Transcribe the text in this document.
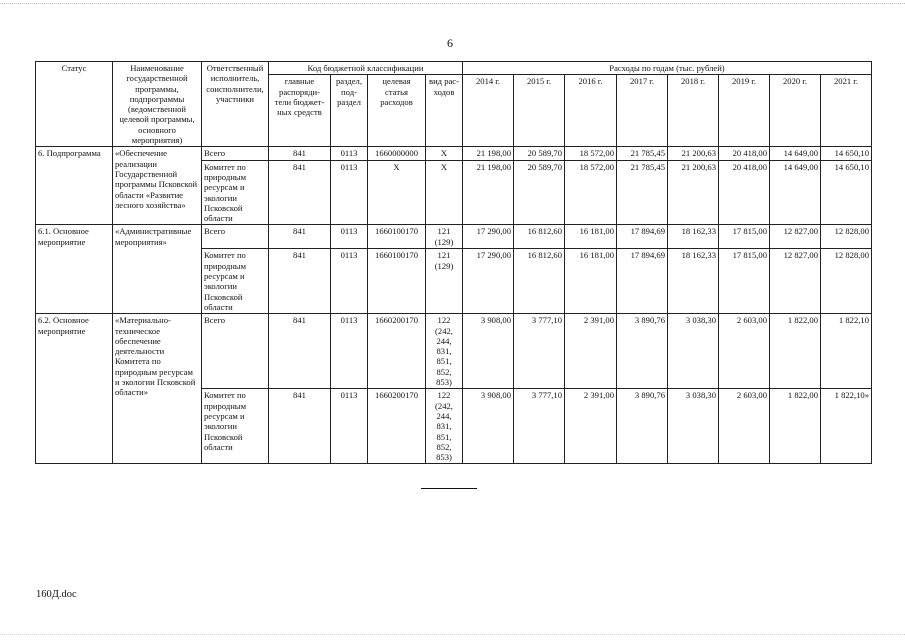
6
Статус	Наименование государственной программы, подпрограммы (ведомственной целевой программы, основного мероприятия)	Ответственный исполнитель, соисполнители, участники	Код бюджетной классификации				Расходы по годам (тыс. рублей)							
			главные распоряди-тели бюджет-ных средств	раздел, под-раздел	целевая статья расходов	вид рас-ходов	2014 г.	2015 г.	2016 г.	2017 г.	2018 г.	2019 г.	2020 г.	2021 г.
6. Подпрограмма	«Обеспечение реализации Государственной программы Псковской области «Развитие лесного хозяйства»	Всего	841	0113	1660000000	X	21 198,00	20 589,70	18 572,00	21 785,45	21 200,63	20 418,00	14 649,00	14 650,10
		Комитет по природным ресурсам и экологии Псковской области	841	0113	X	X	21 198,00	20 589,70	18 572,00	21 785,45	21 200,63	20 418,00	14 649,00	14 650,10
6.1. Основное мероприятие	«Административные мероприятия»	Всего	841	0113	1660100170	121 (129)	17 290,00	16 812,60	16 181,00	17 894,69	18 162,33	17 815,00	12 827,00	12 828,00
		Комитет по природным ресурсам и экологии Псковской области	841	0113	1660100170	121 (129)	17 290,00	16 812,60	16 181,00	17 894,69	18 162,33	17 815,00	12 827,00	12 828,00
6.2. Основное мероприятие	«Материально-техническое обеспечение деятельности Комитета по природным ресурсам и экологии Псковской области»	Всего	841	0113	1660200170	122 (242, 244, 831, 851, 852, 853)	3 908,00	3 777,10	2 391,00	3 890,76	3 038,30	2 603,00	1 822,00	1 822,10
		Комитет по природным ресурсам и экологии Псковской области	841	0113	1660200170	122 (242, 244, 831, 851, 852, 853)	3 908,00	3 777,10	2 391,00	3 890,76	3 038,30	2 603,00	1 822,00	1 822,10»
160Д.doc
